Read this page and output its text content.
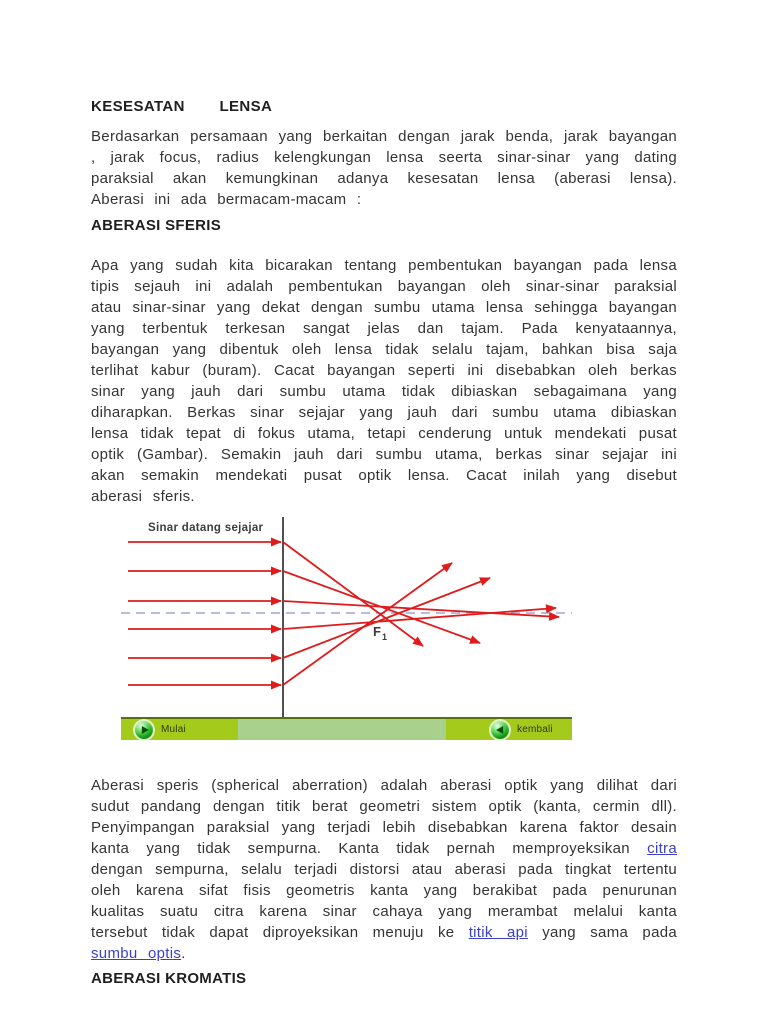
KESESATAN LENSA

Berdasarkan persamaan yang berkaitan dengan jarak benda, jarak bayangan , jarak focus, radius kelengkungan lensa seerta sinar-sinar yang dating paraksial akan kemungkinan adanya kesesatan lensa (aberasi lensa). Aberasi ini ada bermacam-macam :

ABERASI SFERIS

Apa yang sudah kita bicarakan tentang pembentukan bayangan pada lensa tipis sejauh ini adalah pembentukan bayangan oleh sinar-sinar paraksial atau sinar-sinar yang dekat dengan sumbu utama lensa sehingga bayangan yang terbentuk terkesan sangat jelas dan tajam. Pada kenyataannya, bayangan yang dibentuk oleh lensa tidak selalu tajam, bahkan bisa saja terlihat kabur (buram). Cacat bayangan seperti ini disebabkan oleh berkas sinar yang jauh dari sumbu utama tidak dibiaskan sebagaimana yang diharapkan. Berkas sinar sejajar yang jauh dari sumbu utama dibiaskan lensa tidak tepat di fokus utama, tetapi cenderung untuk mendekati pusat optik (Gambar). Semakin jauh dari sumbu utama, berkas sinar sejajar ini akan semakin mendekati pusat optik lensa. Cacat inilah yang disebut aberasi sferis.

Sinar datang sejajar
F 1
Mulai	kembali

Aberasi speris (spherical aberration) adalah aberasi optik yang dilihat dari sudut pandang dengan titik berat geometri sistem optik (kanta, cermin dll). Penyimpangan paraksial yang terjadi lebih disebabkan karena faktor desain kanta yang tidak sempurna. Kanta tidak pernah memproyeksikan citra dengan sempurna, selalu terjadi distorsi atau aberasi pada tingkat tertentu oleh karena sifat fisis geometris kanta yang berakibat pada penurunan kualitas suatu citra karena sinar cahaya yang merambat melalui kanta tersebut tidak dapat diproyeksikan menuju ke titik api yang sama pada sumbu optis.

ABERASI KROMATIS
